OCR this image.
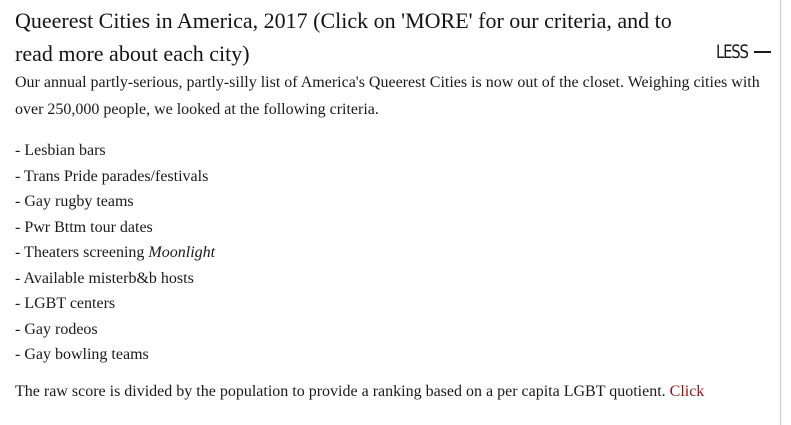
Queerest Cities in America, 2017 (Click on 'MORE' for our criteria, and to read more about each city)	LESS

Our annual partly-serious, partly-silly list of America's Queerest Cities is now out of the closet. Weighing cities with over 250,000 people, we looked at the following criteria.

- Lesbian bars
- Trans Pride parades/festivals
- Gay rugby teams
- Pwr Bttm tour dates
- Theaters screening Moonlight
- Available misterb&b hosts
- LGBT centers
- Gay rodeos
- Gay bowling teams

The raw score is divided by the population to provide a ranking based on a per capita LGBT quotient. Click
